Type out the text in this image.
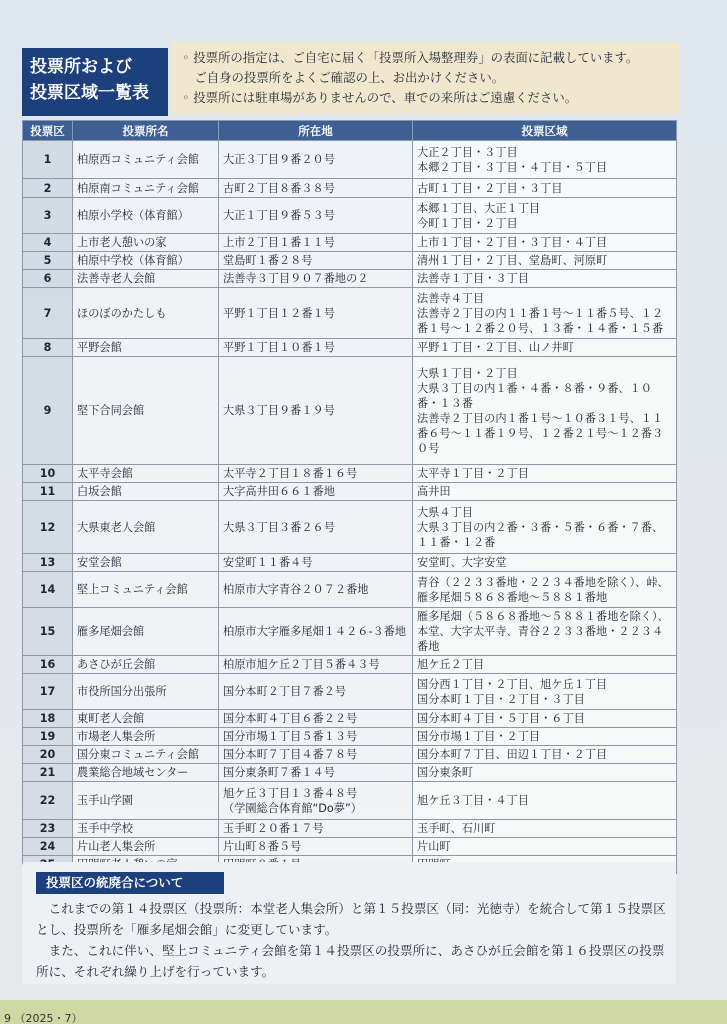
投票所および
投票区域一覧表
◦ 投票所の指定は、ご自宅に届く「投票所入場整理券」の表面に記載しています。
　ご自身の投票所をよくご確認の上、お出かけください。
◦ 投票所には駐車場がありませんので、車での来所はご遠慮ください。
投票区	投票所名	所在地	投票区域
1	柏原西コミュニティ会館	大正３丁目９番２０号	大正２丁目・３丁目
本郷２丁目・３丁目・４丁目・５丁目
2	柏原南コミュニティ会館	古町２丁目８番３８号	古町１丁目・２丁目・３丁目
3	柏原小学校（体育館）	大正１丁目９番５３号	本郷１丁目、大正１丁目
今町１丁目・２丁目
4	上市老人憩いの家	上市２丁目１番１１号	上市１丁目・２丁目・３丁目・４丁目
5	柏原中学校（体育館）	堂島町１番２８号	清州１丁目・２丁目、堂島町、河原町
6	法善寺老人会館	法善寺３丁目９０７番地の２	法善寺１丁目・３丁目
7	ほのぼのかたしも	平野１丁目１２番１号	法善寺４丁目
法善寺２丁目の内１１番１号～１１番５号、１２番１号～１２番２０号、１３番・１４番・１５番
8	平野会館	平野１丁目１０番１号	平野１丁目・２丁目、山ノ井町
9	堅下合同会館	大県３丁目９番１９号	大県１丁目・２丁目
大県３丁目の内１番・４番・８番・９番、１０番・１３番
法善寺２丁目の内１番１号～１０番３１号、１１番６号～１１番１９号、１２番２１号～１２番３０号
10	太平寺会館	太平寺２丁目１８番１６号	太平寺１丁目・２丁目
11	白坂会館	大字高井田６６１番地	高井田
12	大県東老人会館	大県３丁目３番２６号	大県４丁目
大県３丁目の内２番・３番・５番・６番・７番、１１番・１２番
13	安堂会館	安堂町１１番４号	安堂町、大字安堂
14	堅上コミュニティ会館	柏原市大字青谷２０７２番地	青谷（２２３３番地・２２３４番地を除く）、峠、雁多尾畑５８６８番地～５８８１番地
15	雁多尾畑会館	柏原市大字雁多尾畑１４２６-３番地	雁多尾畑（５８６８番地～５８８１番地を除く）、本堂、大字太平寺、青谷２２３３番地・２２３４番地
16	あさひが丘会館	柏原市旭ケ丘２丁目５番４３号	旭ケ丘２丁目
17	市役所国分出張所	国分本町２丁目７番２号	国分西１丁目・２丁目、旭ケ丘１丁目
国分本町１丁目・２丁目・３丁目
18	東町老人会館	国分本町４丁目６番２２号	国分本町４丁目・５丁目・６丁目
19	市場老人集会所	国分市場１丁目５番１３号	国分市場１丁目・２丁目
20	国分東コミュニティ会館	国分本町７丁目４番７８号	国分本町７丁目、田辺１丁目・２丁目
21	農業総合地域センター	国分東条町７番１４号	国分東条町
22	玉手山学園	旭ケ丘３丁目１３番４８号
（学園総合体育館“Do夢”）	旭ケ丘３丁目・４丁目
23	玉手中学校	玉手町２０番１７号	玉手町、石川町
24	片山老人集会所	片山町８番５号	片山町

投票区の統廃合について

これまでの第１４投票区（投票所：本堂老人集会所）と第１５投票区（同：光徳寺）を統合して第１５投票区とし、投票所を「雁多尾畑会館」に変更しています。

また、これに伴い、堅上コミュニティ会館を第１４投票区の投票所に、あさひが丘会館を第１６投票区の投票所に、それぞれ繰り上げを行っています。

9 （2025・7）
